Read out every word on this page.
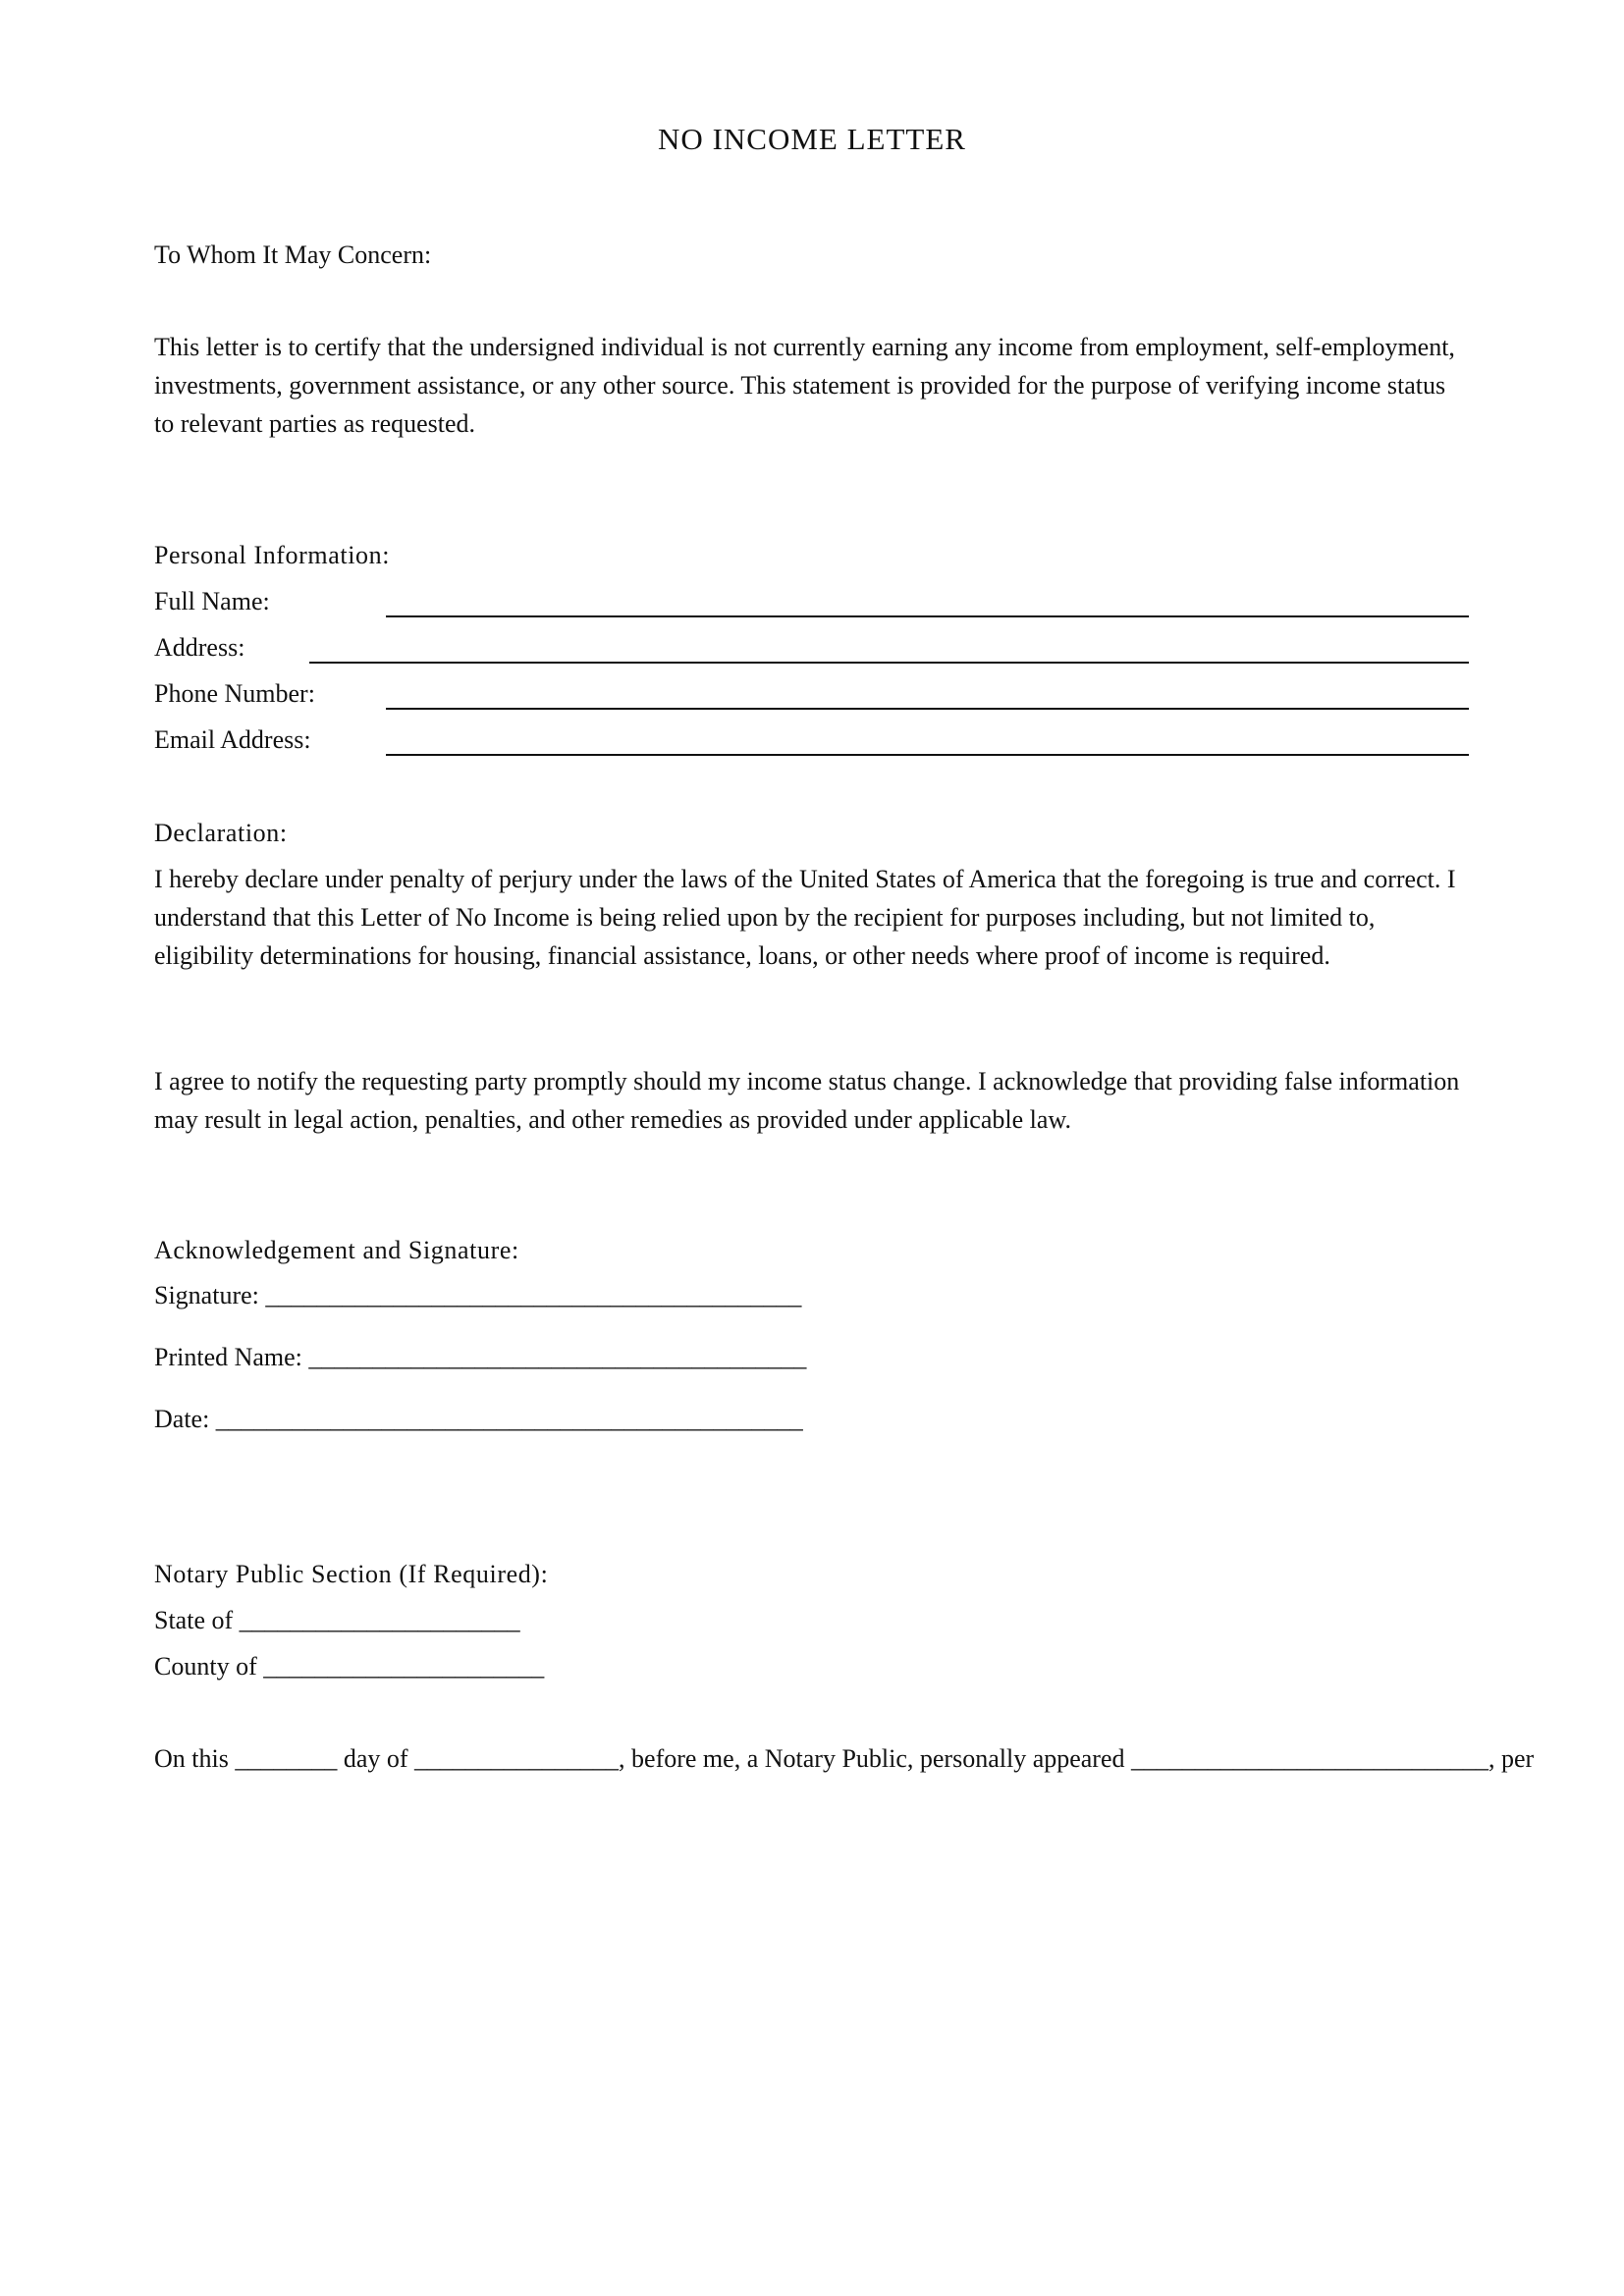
NO INCOME LETTER
To Whom It May Concern:
This letter is to certify that the undersigned individual is not currently earning any income from employment, self-employment, investments, government assistance, or any other source. This statement is provided for the purpose of verifying income status to relevant parties as requested.
Personal Information:
Full Name:
Address:
Phone Number:
Email Address:
Declaration:
I hereby declare under penalty of perjury under the laws of the United States of America that the foregoing is true and correct. I understand that this Letter of No Income is being relied upon by the recipient for purposes including, but not limited to, eligibility determinations for housing, financial assistance, loans, or other needs where proof of income is required.
I agree to notify the requesting party promptly should my income status change. I acknowledge that providing false information may result in legal action, penalties, and other remedies as provided under applicable law.
Acknowledgement and Signature:
Signature: __________________________________________
Printed Name: _______________________________________
Date: ______________________________________________
Notary Public Section (If Required):
State of ______________________
County of ______________________
On this ________ day of ________________, before me, a Notary Public, personally appeared ____________________________, per
